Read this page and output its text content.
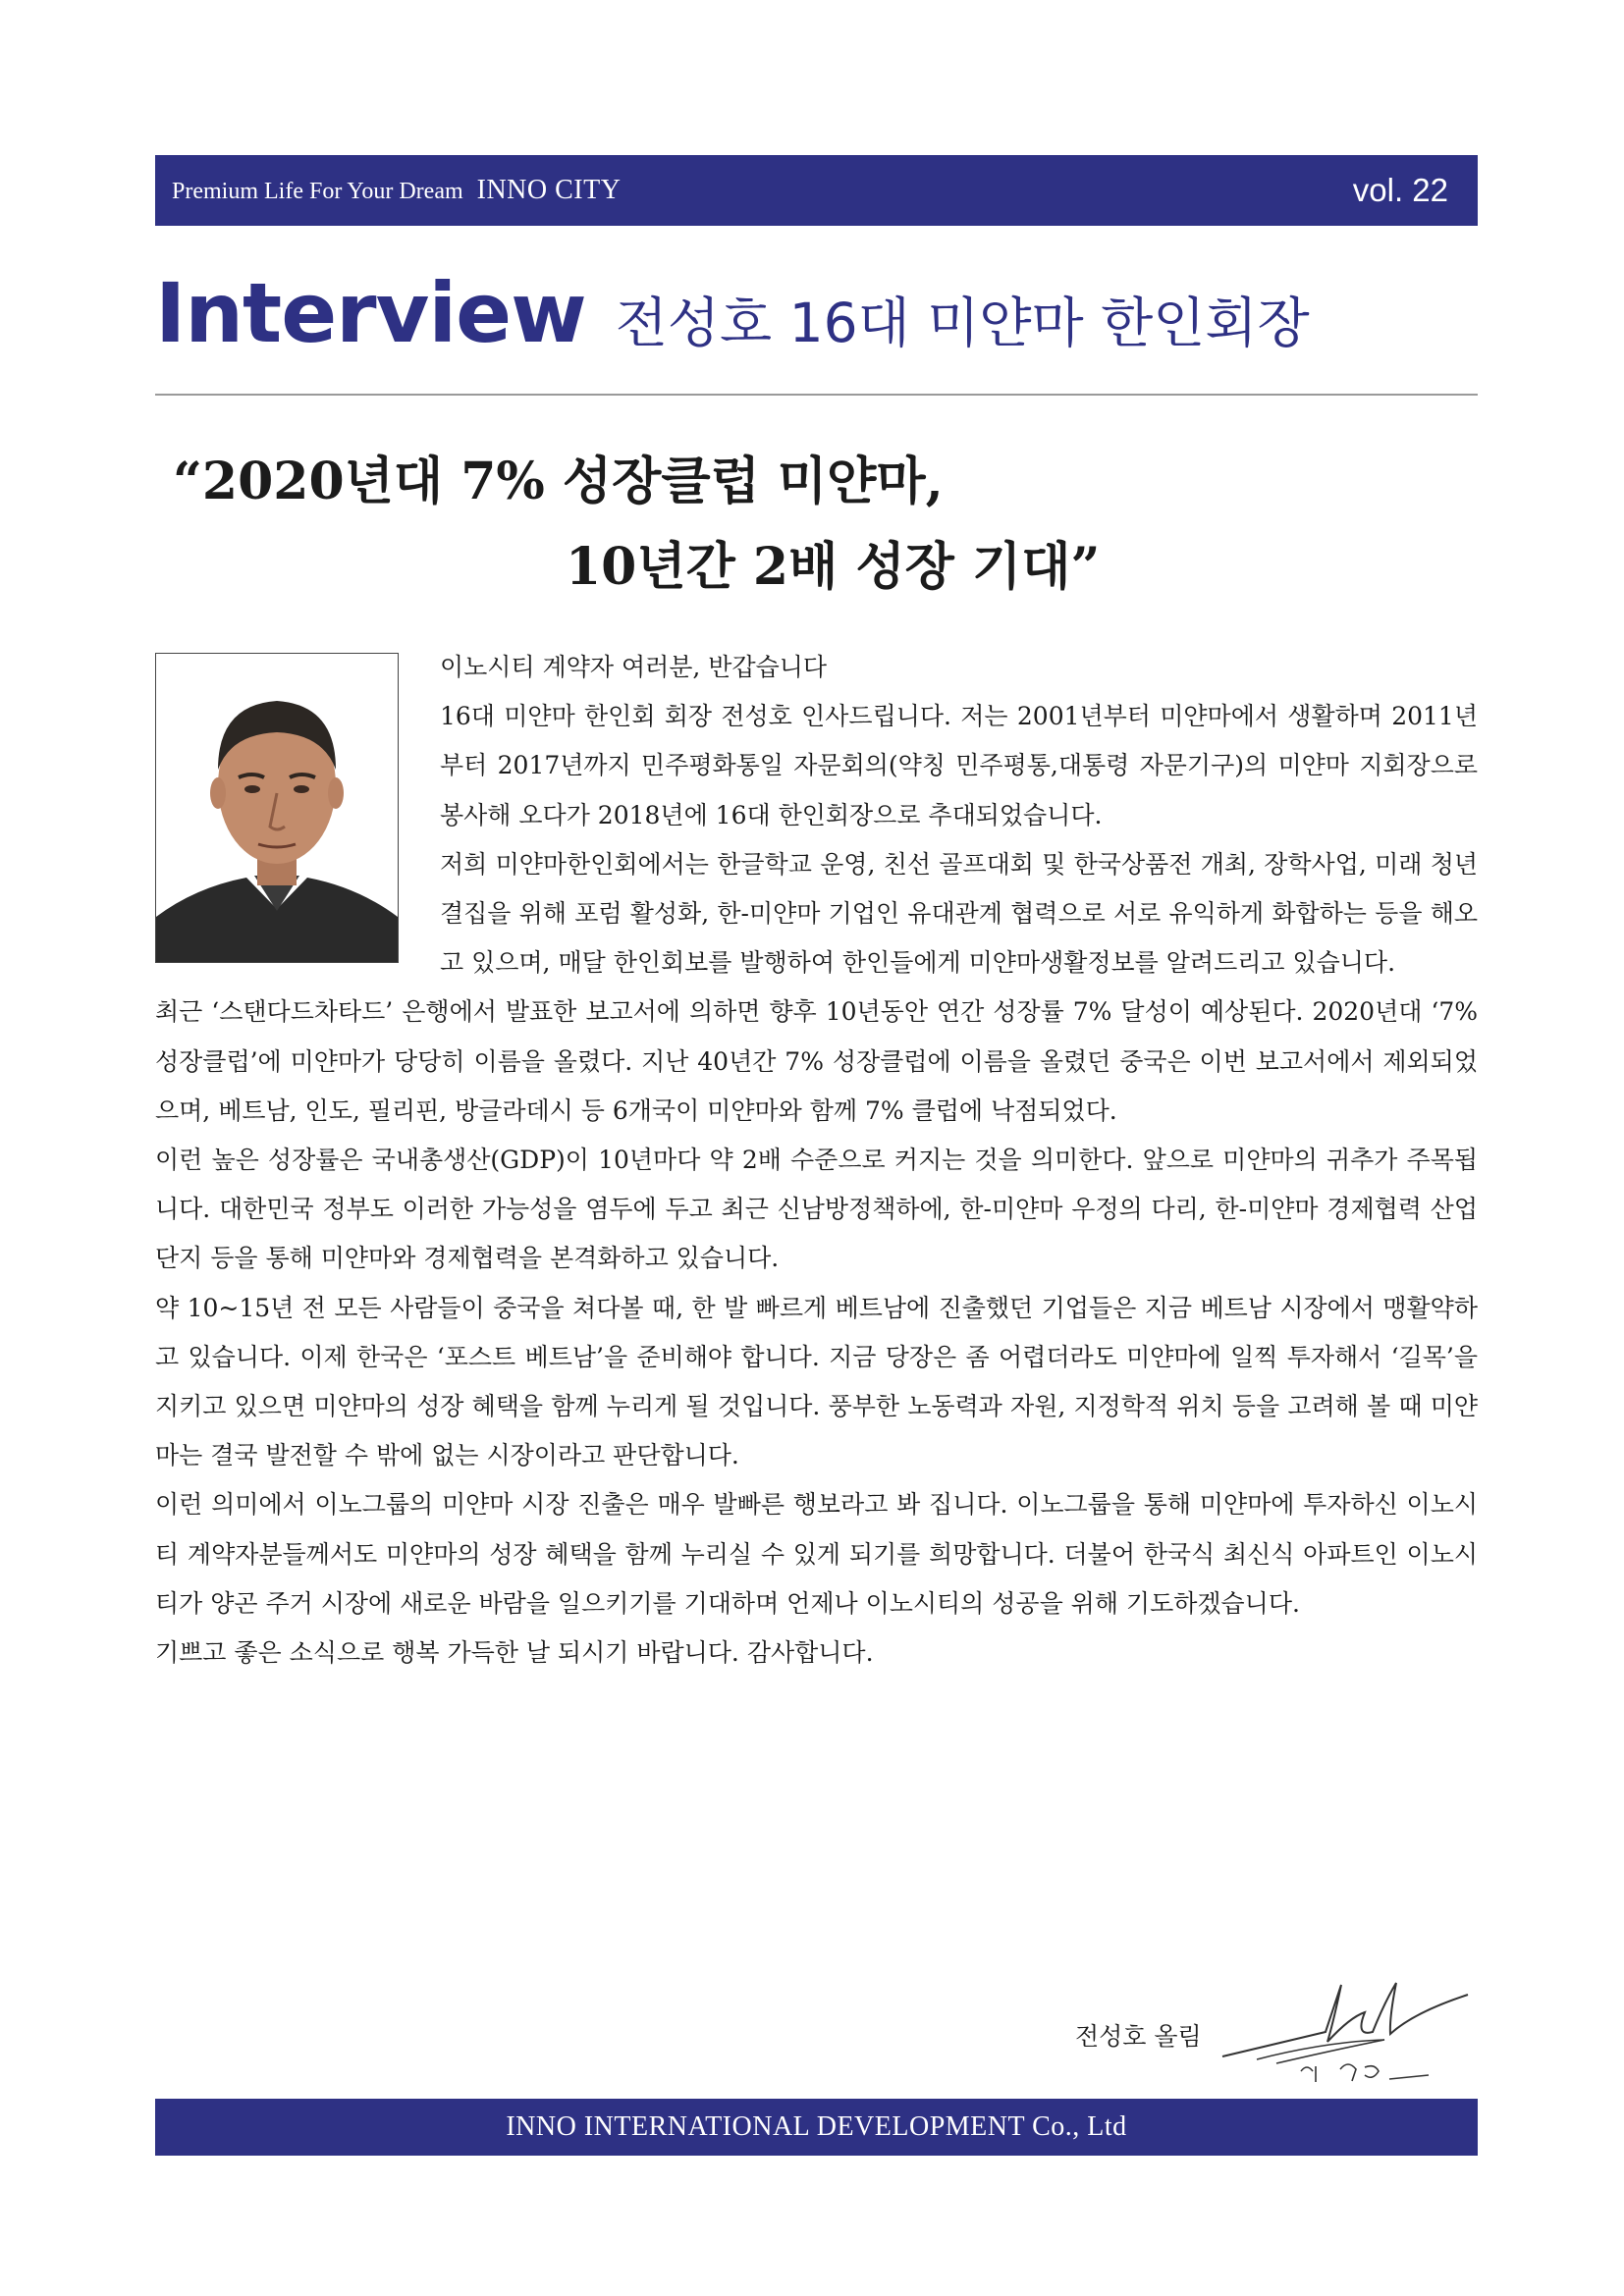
Premium Life For Your Dream INNO CITY	vol. 22
Interview 전성호 16대 미얀마 한인회장
“2020년대 7% 성장클럽 미얀마,
10년간 2배 성장 기대”

이노시티 계약자 여러분, 반갑습니다

16대 미얀마 한인회 회장 전성호 인사드립니다. 저는 2001년부터 미얀마에서 생활하며 2011년부터 2017년까지 민주평화통일 자문회의(약칭 민주평통,대통령 자문기구)의 미얀마 지회장으로 봉사해 오다가 2018년에 16대 한인회장으로 추대되었습니다.

저희 미얀마한인회에서는 한글학교 운영, 친선 골프대회 및 한국상품전 개최, 장학사업, 미래 청년 결집을 위해 포럼 활성화, 한-미얀마 기업인 유대관계 협력으로 서로 유익하게 화합하는 등을 해오고 있으며, 매달 한인회보를 발행하여 한인들에게 미얀마생활정보를 알려드리고 있습니다.

최근 ‘스탠다드차타드’ 은행에서 발표한 보고서에 의하면 향후 10년동안 연간 성장률 7% 달성이 예상된다. 2020년대 ‘7% 성장클럽’에 미얀마가 당당히 이름을 올렸다. 지난 40년간 7% 성장클럽에 이름을 올렸던 중국은 이번 보고서에서 제외되었으며, 베트남, 인도, 필리핀, 방글라데시 등 6개국이 미얀마와 함께 7% 클럽에 낙점되었다.

이런 높은 성장률은 국내총생산(GDP)이 10년마다 약 2배 수준으로 커지는 것을 의미한다. 앞으로 미얀마의 귀추가 주목됩니다. 대한민국 정부도 이러한 가능성을 염두에 두고 최근 신남방정책하에, 한-미얀마 우정의 다리, 한-미얀마 경제협력 산업단지 등을 통해 미얀마와 경제협력을 본격화하고 있습니다.

약 10~15년 전 모든 사람들이 중국을 쳐다볼 때, 한 발 빠르게 베트남에 진출했던 기업들은 지금 베트남 시장에서 맹활약하고 있습니다. 이제 한국은 ‘포스트 베트남’을 준비해야 합니다. 지금 당장은 좀 어렵더라도 미얀마에 일찍 투자해서 ‘길목’을 지키고 있으면 미얀마의 성장 혜택을 함께 누리게 될 것입니다. 풍부한 노동력과 자원, 지정학적 위치 등을 고려해 볼 때 미얀마는 결국 발전할 수 밖에 없는 시장이라고 판단합니다.

이런 의미에서 이노그룹의 미얀마 시장 진출은 매우 발빠른 행보라고 봐 집니다. 이노그룹을 통해 미얀마에 투자하신 이노시티 계약자분들께서도 미얀마의 성장 혜택을 함께 누리실 수 있게 되기를 희망합니다. 더불어 한국식 최신식 아파트인 이노시티가 양곤 주거 시장에 새로운 바람을 일으키기를 기대하며 언제나 이노시티의 성공을 위해 기도하겠습니다.

기쁘고 좋은 소식으로 행복 가득한 날 되시기 바랍니다. 감사합니다.

전성호 올림
INNO INTERNATIONAL DEVELOPMENT Co., Ltd
